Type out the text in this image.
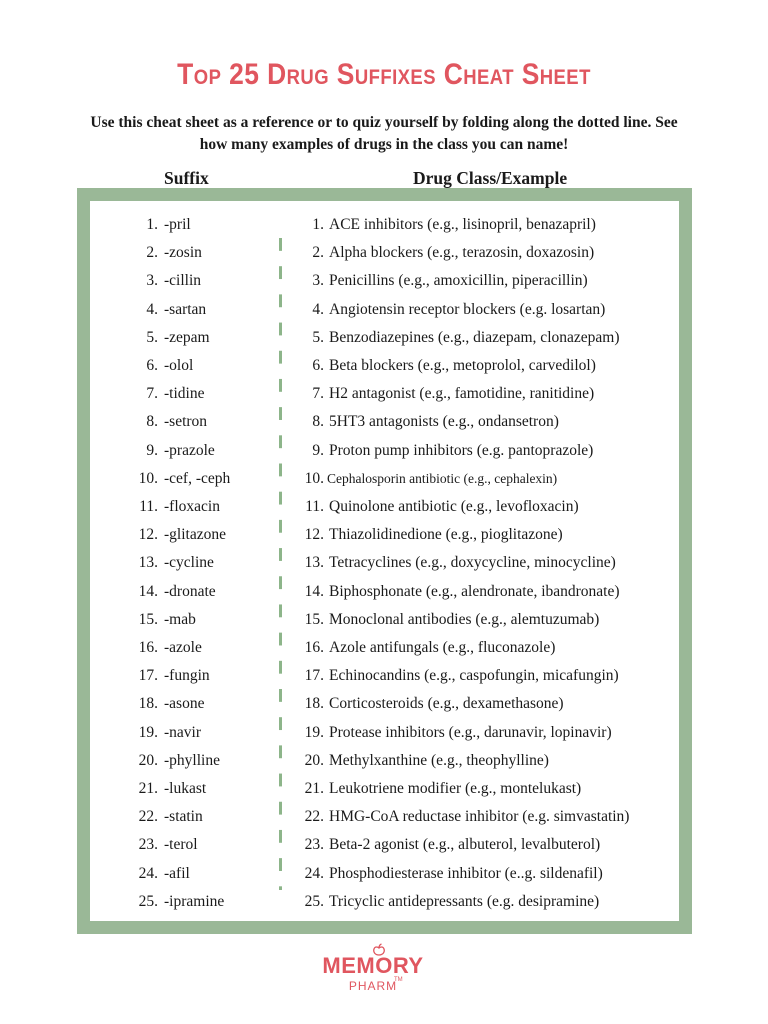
Top 25 Drug Suffixes Cheat Sheet

Use this cheat sheet as a reference or to quiz yourself by folding along the dotted line. See how many examples of drugs in the class you can name!

Suffix	Drug Class/Example
1. -pril	1. ACE inhibitors (e.g., lisinopril, benazapril)
2. -zosin	2. Alpha blockers (e.g., terazosin, doxazosin)
3. -cillin	3. Penicillins (e.g., amoxicillin, piperacillin)
4. -sartan	4. Angiotensin receptor blockers (e.g. losartan)
5. -zepam	5. Benzodiazepines (e.g., diazepam, clonazepam)
6. -olol	6. Beta blockers (e.g., metoprolol, carvedilol)
7. -tidine	7. H2 antagonist (e.g., famotidine, ranitidine)
8. -setron	8. 5HT3 antagonists (e.g., ondansetron)
9. -prazole	9. Proton pump inhibitors (e.g. pantoprazole)
10. -cef, -ceph	10. Cephalosporin antibiotic (e.g., cephalexin)
11. -floxacin	11. Quinolone antibiotic (e.g., levofloxacin)
12. -glitazone	12. Thiazolidinedione (e.g., pioglitazone)
13. -cycline	13. Tetracyclines (e.g., doxycycline, minocycline)
14. -dronate	14. Biphosphonate (e.g., alendronate, ibandronate)
15. -mab	15. Monoclonal antibodies (e.g., alemtuzumab)
16. -azole	16. Azole antifungals (e.g., fluconazole)
17. -fungin	17. Echinocandins (e.g., caspofungin, micafungin)
18. -asone	18. Corticosteroids (e.g., dexamethasone)
19. -navir	19. Protease inhibitors (e.g., darunavir, lopinavir)
20. -phylline	20. Methylxanthine (e.g., theophylline)
21. -lukast	21. Leukotriene modifier (e.g., montelukast)
22. -statin	22. HMG-CoA reductase inhibitor (e.g. simvastatin)
23. -terol	23. Beta-2 agonist (e.g., albuterol, levalbuterol)
24. -afil	24. Phosphodiesterase inhibitor (e..g. sildenafil)
25. -ipramine	25. Tricyclic antidepressants (e.g. desipramine)
MEMORY
PHARM
TM
